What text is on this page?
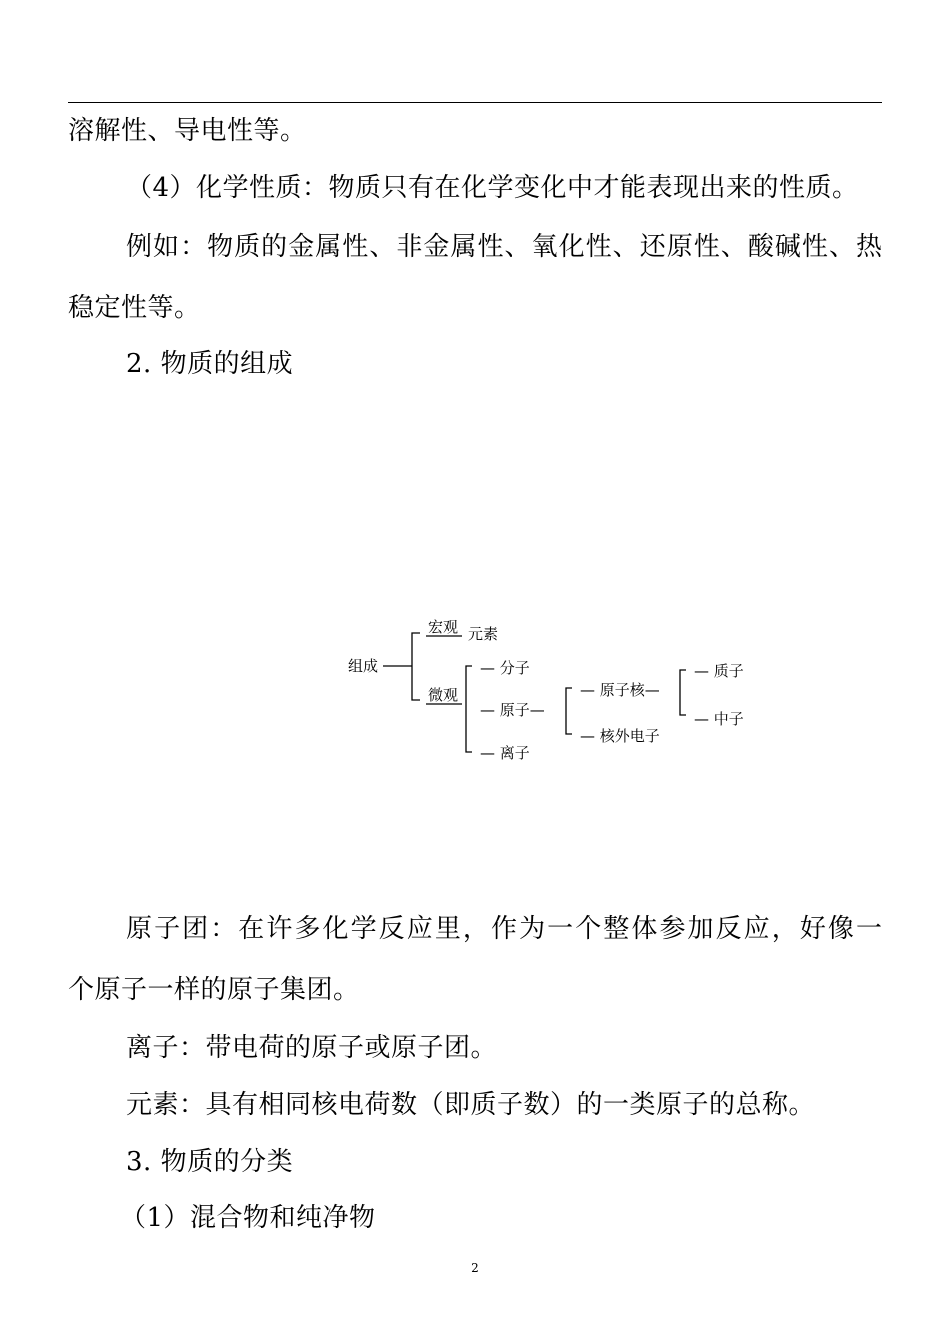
溶解性、导电性等。
（4）化学性质：物质只有在化学变化中才能表现出来的性质。
例如：物质的金属性、非金属性、氧化性、还原性、酸碱性、热
稳定性等。
2. 物质的组成
组成
宏观 元素
微观
— 分子
— 原子—
— 离子
— 原子核—
— 核外电子
— 质子
— 中子
原子团：在许多化学反应里，作为一个整体参加反应，好像一
个原子一样的原子集团。
离子：带电荷的原子或原子团。
元素：具有相同核电荷数（即质子数）的一类原子的总称。
3. 物质的分类
（1）混合物和纯净物
2
